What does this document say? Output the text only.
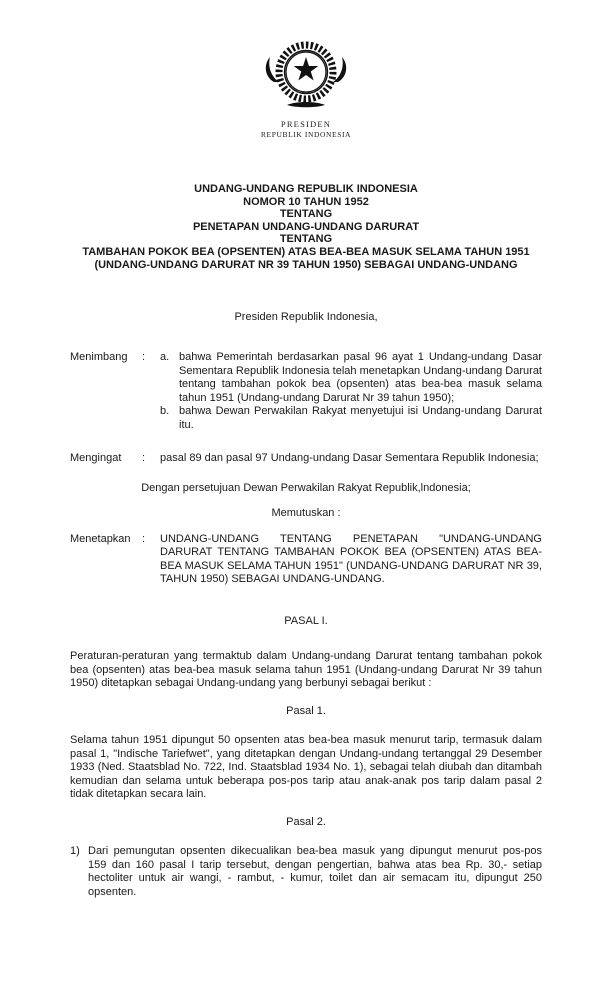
PRESIDEN
REPUBLIK INDONESIA
UNDANG-UNDANG REPUBLIK INDONESIA
NOMOR 10 TAHUN 1952
TENTANG
PENETAPAN UNDANG-UNDANG DARURAT
TENTANG
TAMBAHAN POKOK BEA (OPSENTEN) ATAS BEA-BEA MASUK SELAMA TAHUN 1951
(UNDANG-UNDANG DARURAT NR 39 TAHUN 1950) SEBAGAI UNDANG-UNDANG
Presiden Republik Indonesia,
Menimbang	:	a. bahwa Pemerintah berdasarkan pasal 96 ayat 1 Undang-undang Dasar Sementara Republik Indonesia telah menetapkan Undang-undang Darurat tentang tambahan pokok bea (opsenten) atas bea-bea masuk selama tahun 1951 (Undang-undang Darurat Nr 39 tahun 1950);
b. bahwa Dewan Perwakilan Rakyat menyetujui isi Undang-undang Darurat itu.
Mengingat	:	pasal 89 dan pasal 97 Undang-undang Dasar Sementara Republik Indonesia;
Dengan persetujuan Dewan Perwakilan Rakyat Republik,lndonesia;
Memutuskan :
Menetapkan	:	UNDANG-UNDANG TENTANG PENETAPAN "UNDANG-UNDANG DARURAT TENTANG TAMBAHAN POKOK BEA (OPSENTEN) ATAS BEA-BEA MASUK SELAMA TAHUN 1951" (UNDANG-UNDANG DARURAT NR 39, TAHUN 1950) SEBAGAI UNDANG-UNDANG.
PASAL I.

Peraturan-peraturan yang termaktub dalam Undang-undang Darurat tentang tambahan pokok bea (opsenten) atas bea-bea masuk selama tahun 1951 (Undang-undang Darurat Nr 39 tahun 1950) ditetapkan sebagai Undang-undang yang berbunyi sebagai berikut :

Pasal 1.

Selama tahun 1951 dipungut 50 opsenten atas bea-bea masuk menurut tarip, termasuk dalam pasal 1, "Indische Tariefwet", yang ditetapkan dengan Undang-undang tertanggal 29 Desember 1933 (Ned. Staatsblad No. 722, Ind. Staatsblad 1934 No. 1), sebagai telah diubah dan ditambah kemudian dan selama untuk beberapa pos-pos tarip atau anak-anak pos tarip dalam pasal 2 tidak ditetapkan secara lain.

Pasal 2.
1) Dari pemungutan opsenten dikecualikan bea-bea masuk yang dipungut menurut pos-pos 159 dan 160 pasal I tarip tersebut, dengan pengertian, bahwa atas bea Rp. 30,- setiap hectoliter untuk air wangi, - rambut, - kumur, toilet dan air semacam itu, dipungut 250 opsenten.
